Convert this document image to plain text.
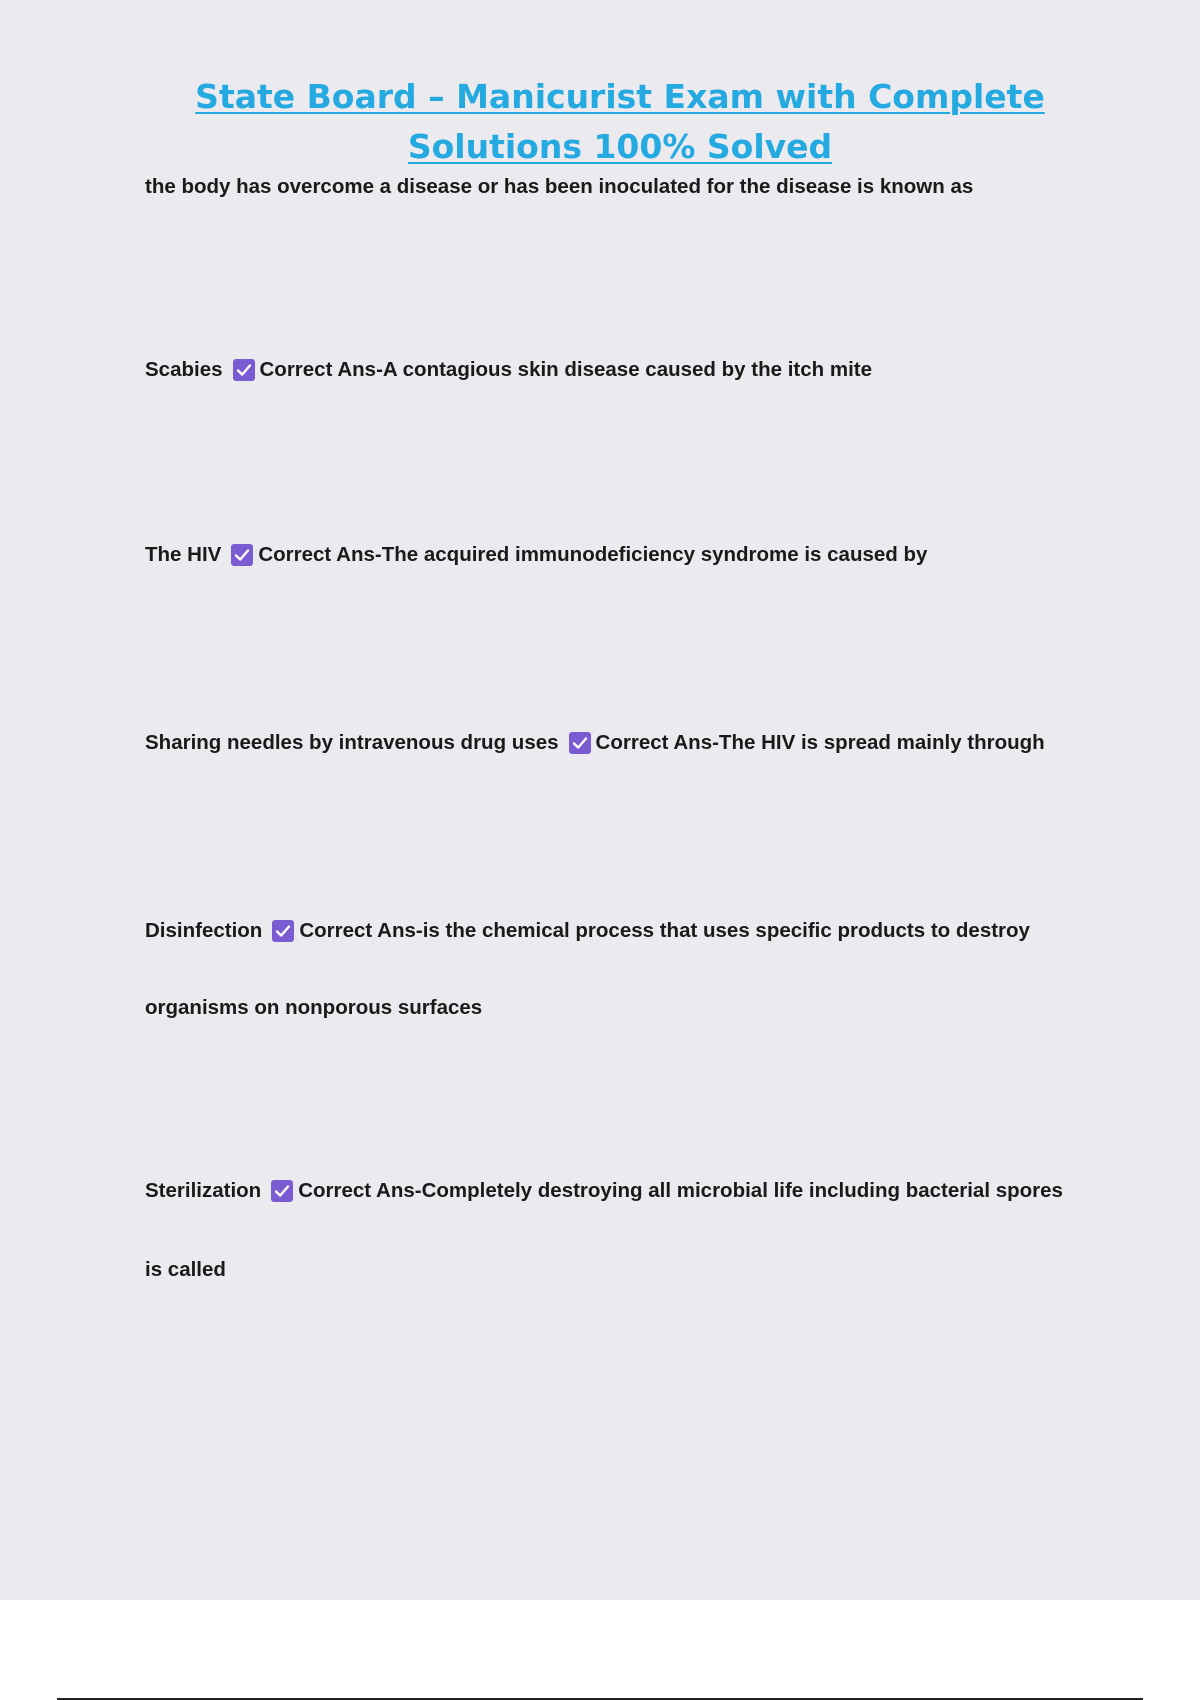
State Board – Manicurist Exam with Complete Solutions 100% Solved

the body has overcome a disease or has been inoculated for the disease is known as

Scabies Correct Ans-A contagious skin disease caused by the itch mite

The HIV Correct Ans-The acquired immunodeficiency syndrome is caused by

Sharing needles by intravenous drug uses Correct Ans-The HIV is spread mainly through

Disinfection Correct Ans-is the chemical process that uses specific products to destroy

organisms on nonporous surfaces

Sterilization Correct Ans-Completely destroying all microbial life including bacterial spores

is called
